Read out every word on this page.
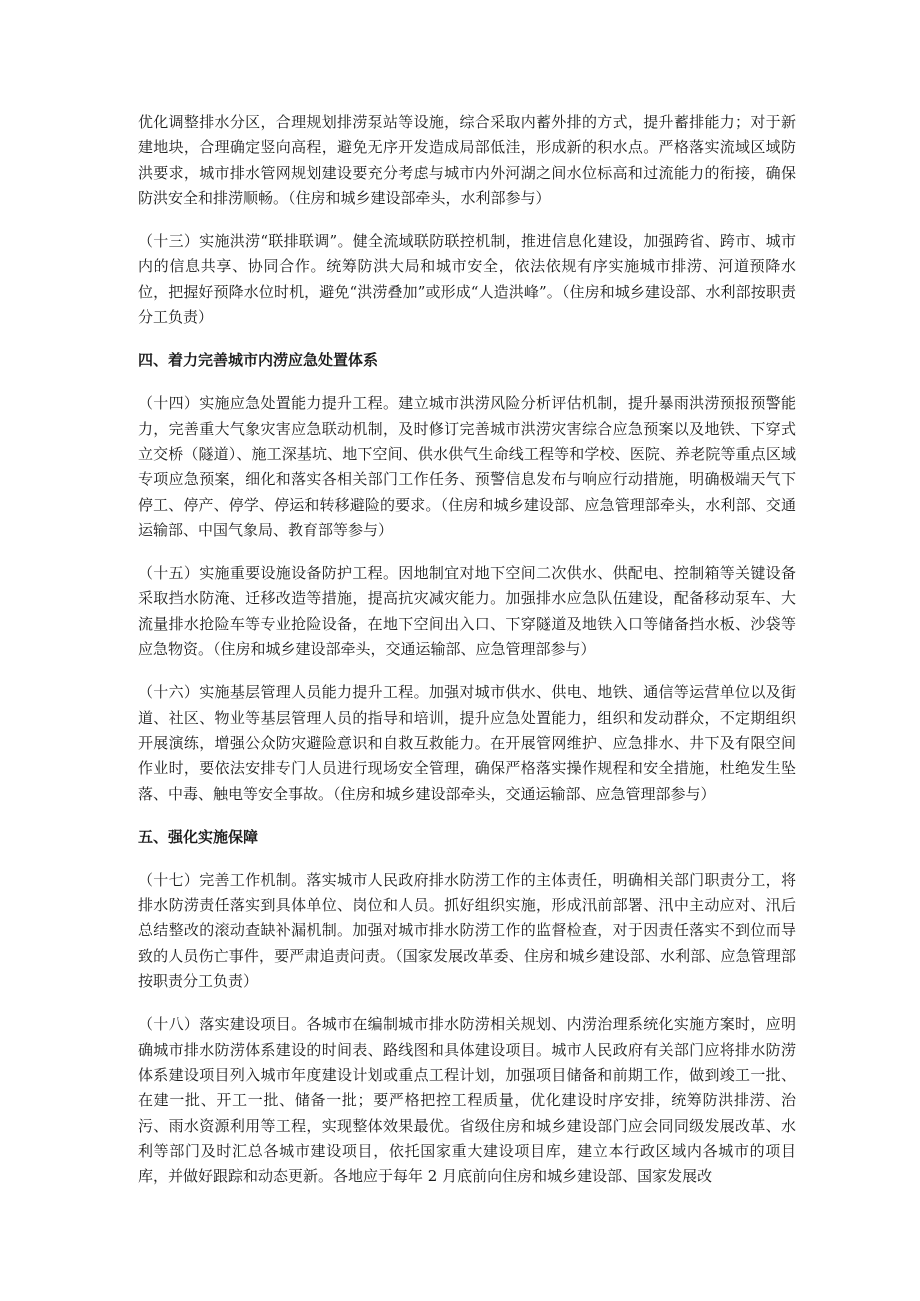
优化调整排水分区，合理规划排涝泵站等设施，综合采取内蓄外排的方式，提升蓄排能力；对于新建地块，合理确定竖向高程，避免无序开发造成局部低洼，形成新的积水点。严格落实流域区域防洪要求，城市排水管网规划建设要充分考虑与城市内外河湖之间水位标高和过流能力的衔接，确保防洪安全和排涝顺畅。（住房和城乡建设部牵头，水利部参与）

（十三）实施洪涝“联排联调”。健全流域联防联控机制，推进信息化建设，加强跨省、跨市、城市内的信息共享、协同合作。统筹防洪大局和城市安全，依法依规有序实施城市排涝、河道预降水位，把握好预降水位时机，避免“洪涝叠加”或形成“人造洪峰”。（住房和城乡建设部、水利部按职责分工负责）

四、着力完善城市内涝应急处置体系

（十四）实施应急处置能力提升工程。建立城市洪涝风险分析评估机制，提升暴雨洪涝预报预警能力，完善重大气象灾害应急联动机制，及时修订完善城市洪涝灾害综合应急预案以及地铁、下穿式立交桥（隧道）、施工深基坑、地下空间、供水供气生命线工程等和学校、医院、养老院等重点区域专项应急预案，细化和落实各相关部门工作任务、预警信息发布与响应行动措施，明确极端天气下停工、停产、停学、停运和转移避险的要求。（住房和城乡建设部、应急管理部牵头，水利部、交通运输部、中国气象局、教育部等参与）

（十五）实施重要设施设备防护工程。因地制宜对地下空间二次供水、供配电、控制箱等关键设备采取挡水防淹、迁移改造等措施，提高抗灾减灾能力。加强排水应急队伍建设，配备移动泵车、大流量排水抢险车等专业抢险设备，在地下空间出入口、下穿隧道及地铁入口等储备挡水板、沙袋等应急物资。（住房和城乡建设部牵头，交通运输部、应急管理部参与）

（十六）实施基层管理人员能力提升工程。加强对城市供水、供电、地铁、通信等运营单位以及街道、社区、物业等基层管理人员的指导和培训，提升应急处置能力，组织和发动群众，不定期组织开展演练，增强公众防灾避险意识和自救互救能力。在开展管网维护、应急排水、井下及有限空间作业时，要依法安排专门人员进行现场安全管理，确保严格落实操作规程和安全措施，杜绝发生坠落、中毒、触电等安全事故。（住房和城乡建设部牵头，交通运输部、应急管理部参与）

五、强化实施保障

（十七）完善工作机制。落实城市人民政府排水防涝工作的主体责任，明确相关部门职责分工，将排水防涝责任落实到具体单位、岗位和人员。抓好组织实施，形成汛前部署、汛中主动应对、汛后总结整改的滚动查缺补漏机制。加强对城市排水防涝工作的监督检查，对于因责任落实不到位而导致的人员伤亡事件，要严肃追责问责。（国家发展改革委、住房和城乡建设部、水利部、应急管理部按职责分工负责）

（十八）落实建设项目。各城市在编制城市排水防涝相关规划、内涝治理系统化实施方案时，应明确城市排水防涝体系建设的时间表、路线图和具体建设项目。城市人民政府有关部门应将排水防涝体系建设项目列入城市年度建设计划或重点工程计划，加强项目储备和前期工作，做到竣工一批、在建一批、开工一批、储备一批；要严格把控工程质量，优化建设时序安排，统筹防洪排涝、治污、雨水资源利用等工程，实现整体效果最优。省级住房和城乡建设部门应会同同级发展改革、水利等部门及时汇总各城市建设项目，依托国家重大建设项目库，建立本行政区域内各城市的项目库，并做好跟踪和动态更新。各地应于每年 2 月底前向住房和城乡建设部、国家发展改
